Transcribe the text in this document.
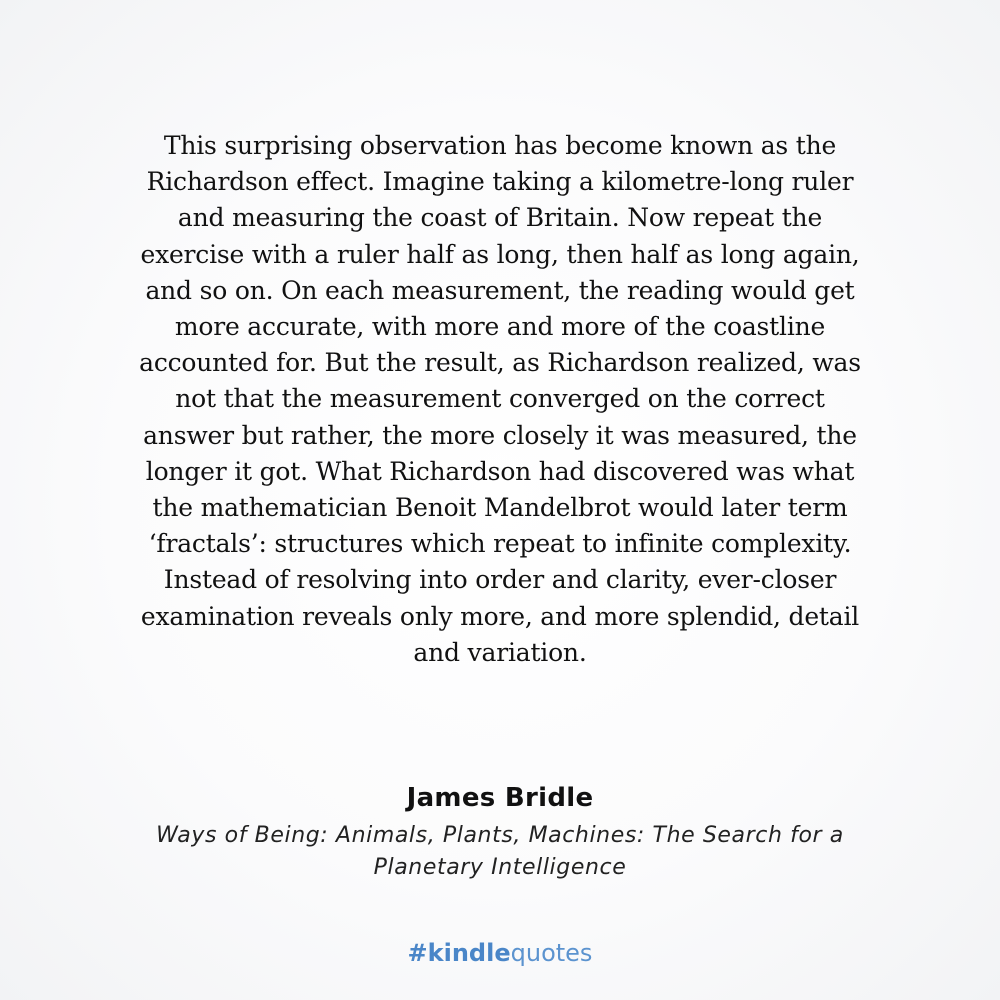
This surprising observation has become known as the
Richardson effect. Imagine taking a kilometre-long ruler
and measuring the coast of Britain. Now repeat the
exercise with a ruler half as long, then half as long again,
and so on. On each measurement, the reading would get
more accurate, with more and more of the coastline
accounted for. But the result, as Richardson realized, was
not that the measurement converged on the correct
answer but rather, the more closely it was measured, the
longer it got. What Richardson had discovered was what
the mathematician Benoit Mandelbrot would later term
‘fractals’: structures which repeat to infinite complexity.
Instead of resolving into order and clarity, ever-closer
examination reveals only more, and more splendid, detail
and variation.
James Bridle
Ways of Being: Animals, Plants, Machines: The Search for a
Planetary Intelligence
#kindlequotes
